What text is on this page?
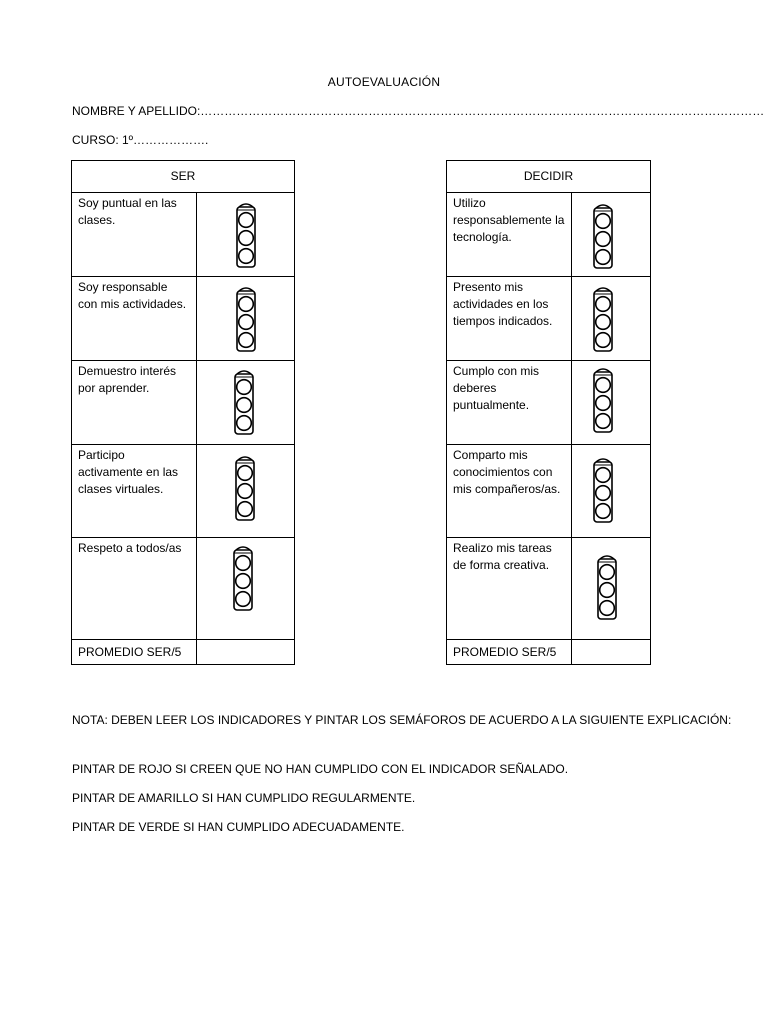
AUTOEVALUACIÓN
NOMBRE Y APELLIDO:……………………………………………………………………………………………………………………………
CURSO: 1º……………….
SER	
Soy puntual en las clases.	

Soy responsable con mis actividades.	

Demuestro interés por aprender.	

Participo activamente en las clases virtuales.	

Respeto a todos/as	

PROMEDIO SER/5	
DECIDIR	
Utilizo responsablemente la tecnología.	

Presento mis actividades en los tiempos indicados.	

Cumplo con mis deberes puntualmente.	

Comparto mis conocimientos con mis compañeros/as.	

Realizo mis tareas de forma creativa.	

PROMEDIO SER/5	
NOTA: DEBEN LEER LOS INDICADORES Y PINTAR LOS SEMÁFOROS DE ACUERDO A LA SIGUIENTE EXPLICACIÓN:
PINTAR DE ROJO SI CREEN QUE NO HAN CUMPLIDO CON EL INDICADOR SEÑALADO.
PINTAR DE AMARILLO SI HAN CUMPLIDO REGULARMENTE.
PINTAR DE VERDE SI HAN CUMPLIDO ADECUADAMENTE.
